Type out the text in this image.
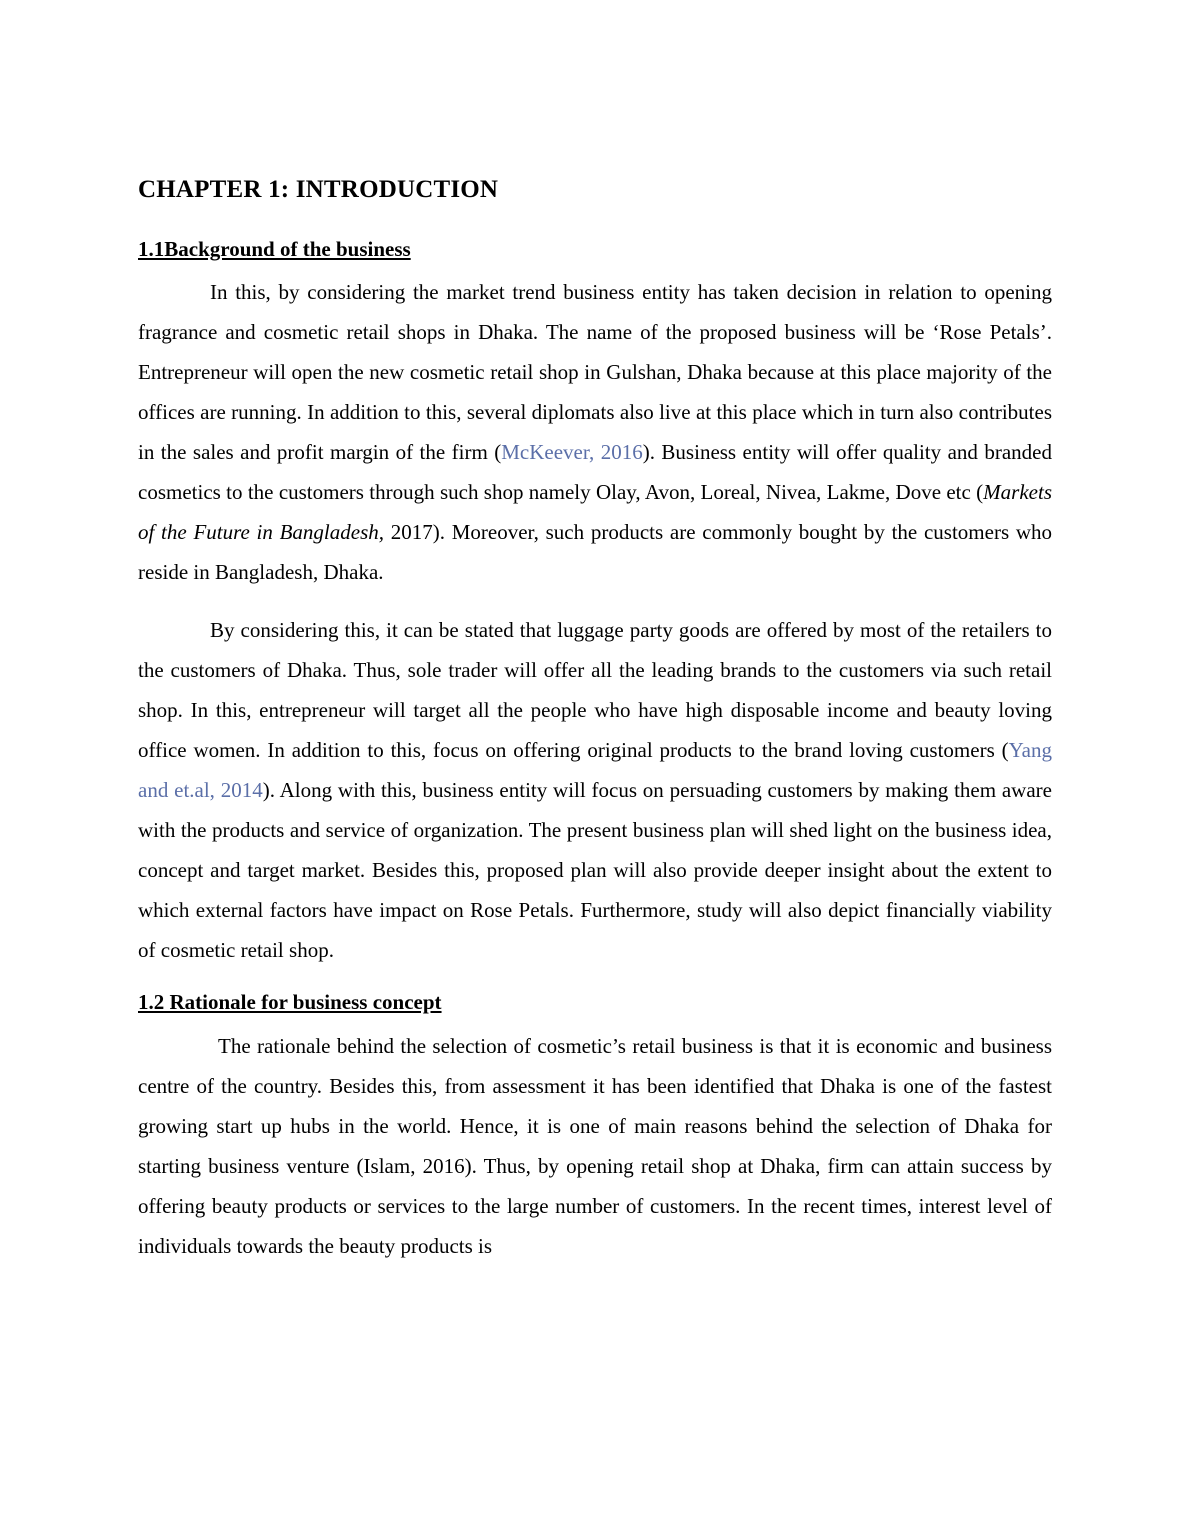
CHAPTER 1: INTRODUCTION
1.1Background of the business

In this, by considering the market trend business entity has taken decision in relation to opening fragrance and cosmetic retail shops in Dhaka. The name of the proposed business will be ‘Rose Petals’. Entrepreneur will open the new cosmetic retail shop in Gulshan, Dhaka because at this place majority of the offices are running. In addition to this, several diplomats also live at this place which in turn also contributes in the sales and profit margin of the firm (McKeever, 2016). Business entity will offer quality and branded cosmetics to the customers through such shop namely Olay, Avon, Loreal, Nivea, Lakme, Dove etc (Markets of the Future in Bangladesh, 2017). Moreover, such products are commonly bought by the customers who reside in Bangladesh, Dhaka.

By considering this, it can be stated that luggage party goods are offered by most of the retailers to the customers of Dhaka. Thus, sole trader will offer all the leading brands to the customers via such retail shop. In this, entrepreneur will target all the people who have high disposable income and beauty loving office women. In addition to this, focus on offering original products to the brand loving customers (Yang and et.al, 2014). Along with this, business entity will focus on persuading customers by making them aware with the products and service of organization. The present business plan will shed light on the business idea, concept and target market. Besides this, proposed plan will also provide deeper insight about the extent to which external factors have impact on Rose Petals. Furthermore, study will also depict financially viability of cosmetic retail shop.

1.2 Rationale for business concept

The rationale behind the selection of cosmetic’s retail business is that it is economic and business centre of the country. Besides this, from assessment it has been identified that Dhaka is one of the fastest growing start up hubs in the world. Hence, it is one of main reasons behind the selection of Dhaka for starting business venture (Islam, 2016). Thus, by opening retail shop at Dhaka, firm can attain success by offering beauty products or services to the large number of customers. In the recent times, interest level of individuals towards the beauty products is
